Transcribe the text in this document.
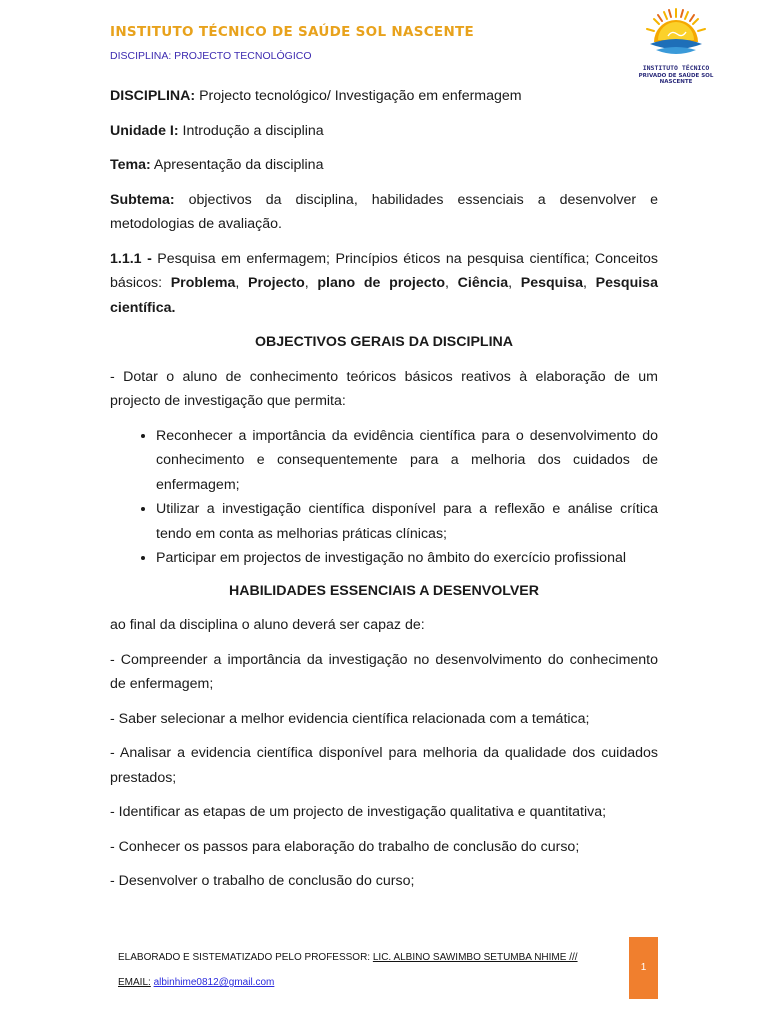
INSTITUTO TÉCNICO DE SAÚDE SOL NASCENTE
DISCIPLINA: PROJECTO TECNOLÓGICO
INSTITUTO TÉCNICO
PRIVADO DE SAÚDE SOL NASCENTE

DISCIPLINA: Projecto tecnológico/ Investigação em enfermagem

Unidade I: Introdução a disciplina

Tema: Apresentação da disciplina

Subtema: objectivos da disciplina, habilidades essenciais a desenvolver e metodologias de avaliação.

1.1.1 - Pesquisa em enfermagem; Princípios éticos na pesquisa científica; Conceitos básicos: Problema, Projecto, plano de projecto, Ciência, Pesquisa, Pesquisa científica.

OBJECTIVOS GERAIS DA DISCIPLINA

- Dotar o aluno de conhecimento teóricos básicos reativos à elaboração de um projecto de investigação que permita:

• Reconhecer a importância da evidência científica para o desenvolvimento do conhecimento e consequentemente para a melhoria dos cuidados de enfermagem;
• Utilizar a investigação científica disponível para a reflexão e análise crítica tendo em conta as melhorias práticas clínicas;
• Participar em projectos de investigação no âmbito do exercício profissional

HABILIDADES ESSENCIAIS A DESENVOLVER

ao final da disciplina o aluno deverá ser capaz de:

- Compreender a importância da investigação no desenvolvimento do conhecimento de enfermagem;

- Saber selecionar a melhor evidencia científica relacionada com a temática;

- Analisar a evidencia científica disponível para melhoria da qualidade dos cuidados prestados;

- Identificar as etapas de um projecto de investigação qualitativa e quantitativa;

- Conhecer os passos para elaboração do trabalho de conclusão do curso;

- Desenvolver o trabalho de conclusão do curso;

ELABORADO E SISTEMATIZADO PELO PROFESSOR: LIC. ALBINO SAWIMBO SETUMBA NHIME ///
EMAIL: albinhime0812@gmail.com
1
